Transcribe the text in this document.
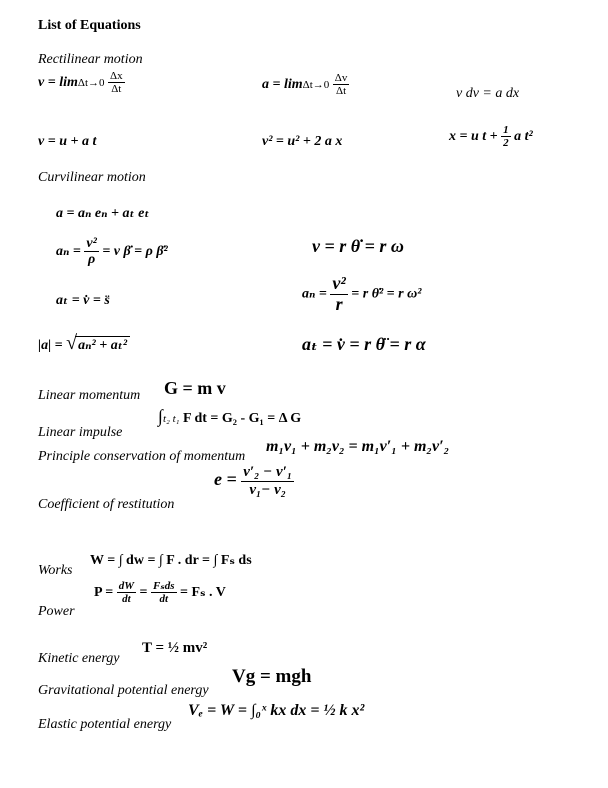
List of Equations
Rectilinear motion
$v = \lim\Delta t\to 0 \frac{\Delta x}{\Delta t}$	$a = \lim\Delta t\to 0 \frac{\Delta v}{\Delta t}$	v dv = a dx
v = u + a t	v² = u² + 2 a x	x = u $t + \frac{1}{2}$ a t²
Curvilinear motion
a = aₙ eₙ + aₜ eₜ
$a_n = \frac{\text{v²}}{\rho} = v$ β̇ = ρ β̇²	v = r θ̇ = r ω
aₜ = v̇ = s̈	$a_n = \frac{\text{v²}}{r} = r$ θ̇² = r ω²
|a| = √aₙ² + aₜ²	aₜ = v̇ = r θ̈ = r α
G = m v
Linear momentum
∫t₂ t₁ F dt = G₂ - G₁ = Δ G
Linear impulse
Principle conservation of momentum
m₁v₁ + m₂v₂ = m₁v′₁ + m₂v′₂
$e = \frac{\text{v′₂ − v′₁}}{\text{v₁− v₂}}$
Coefficient of restitution
W = ∫ dw = ∫ F . dr = ∫ Fₛ ds
Works
$P = \frac{dW}{dt} = \frac{\text{Fₛds}}{dt} = F_s$ . V
Power
T = ½ mv²
Kinetic energy
Vg = mgh
Gravitational potential energy
Vₑ = W = ∫₀ˣ kx dx = ½ k x²
Elastic potential energy
